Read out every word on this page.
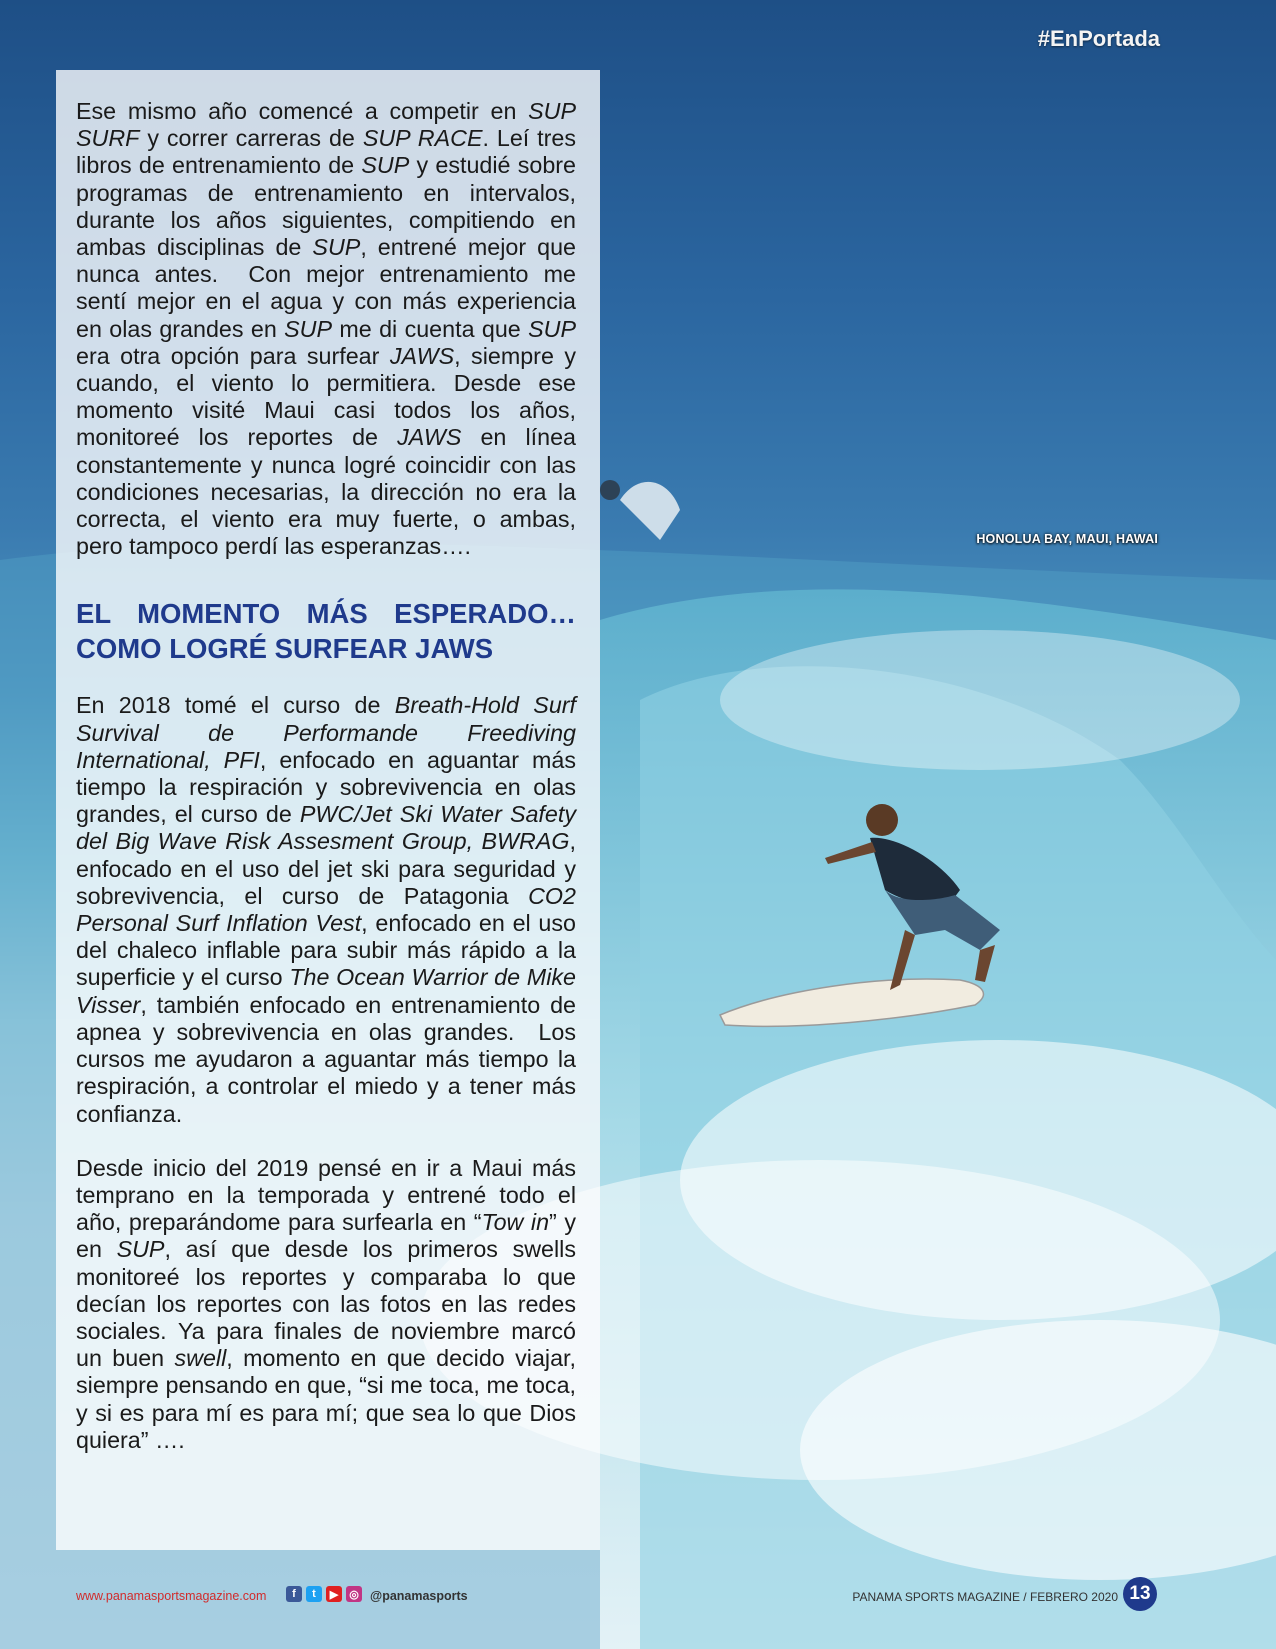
#EnPortada
HONOLUA BAY, MAUI, HAWAI

Ese mismo año comencé a competir en SUP SURF y correr carreras de SUP RACE. Leí tres libros de entrenamiento de SUP y estudié sobre programas de entrenamiento en intervalos, durante los años siguientes, compitiendo en ambas disciplinas de SUP, entrené mejor que nunca antes.  Con mejor entrenamiento me sentí mejor en el agua y con más experiencia en olas grandes en SUP me di cuenta que SUP era otra opción para surfear JAWS, siempre y cuando, el viento lo permitiera. Desde ese momento visité Maui casi todos los años, monitoreé los reportes de JAWS en línea constantemente y nunca logré coincidir con las condiciones necesarias, la dirección no era la correcta, el viento era muy fuerte, o ambas, pero tampoco perdí las esperanzas….

EL MOMENTO MÁS ESPERADO… COMO LOGRÉ SURFEAR JAWS

En 2018 tomé el curso de Breath-Hold Surf Survival de Performande Freediving International, PFI, enfocado en aguantar más tiempo la respiración y sobrevivencia en olas grandes, el curso de PWC/Jet Ski Water Safety del Big Wave Risk Assesment Group, BWRAG, enfocado en el uso del jet ski para seguridad y sobrevivencia, el curso de Patagonia CO2 Personal Surf Inflation Vest, enfocado en el uso del chaleco inflable para subir más rápido a la superficie y el curso The Ocean Warrior de Mike Visser, también enfocado en entrenamiento de apnea y sobrevivencia en olas grandes.  Los cursos me ayudaron a aguantar más tiempo la respiración, a controlar el miedo y a tener más confianza.

Desde inicio del 2019 pensé en ir a Maui más temprano en la temporada y entrené todo el año, preparándome para surfearla en “Tow in” y en SUP, así que desde los primeros swells monitoreé los reportes y comparaba lo que decían los reportes con las fotos en las redes sociales. Ya para finales de noviembre marcó un buen swell, momento en que decido viajar, siempre pensando en que, “si me toca, me toca, y si es para mí es para mí; que sea lo que Dios quiera” ….

www.panamasportsmagazine.com	f	t	▶ ◎ @panamasports	PANAMA SPORTS MAGAZINE / FEBRERO 2020 13
